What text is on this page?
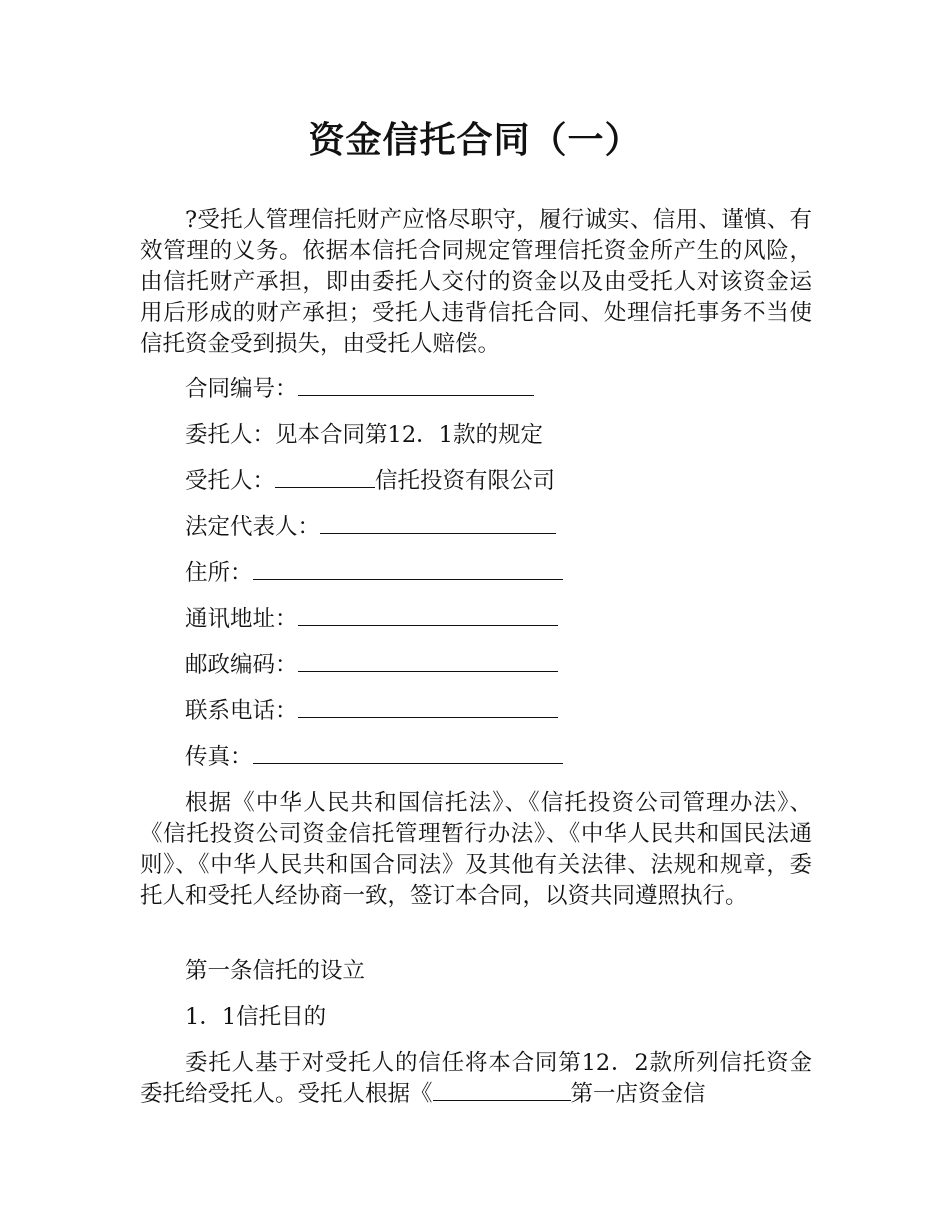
资金信托合同（一）

?受托人管理信托财产应恪尽职守，履行诚实、信用、谨慎、有效管理的义务。依据本信托合同规定管理信托资金所产生的风险，由信托财产承担，即由委托人交付的资金以及由受托人对该资金运用后形成的财产承担；受托人违背信托合同、处理信托事务不当使信托资金受到损失，由受托人赔偿。

合同编号：

委托人：见本合同第12．1款的规定

受托人：	信托投资有限公司

法定代表人：

住所：

通讯地址：

邮政编码：

联系电话：

传真：

根据《中华人民共和国信托法》、《信托投资公司管理办法》、《信托投资公司资金信托管理暂行办法》、《中华人民共和国民法通则》、《中华人民共和国合同法》及其他有关法律、法规和规章，委托人和受托人经协商一致，签订本合同，以资共同遵照执行。

第一条信托的设立

1．1信托目的

委托人基于对受托人的信任将本合同第12．2款所列信托资金委托给受托人。受托人根据《	第一店资金信
